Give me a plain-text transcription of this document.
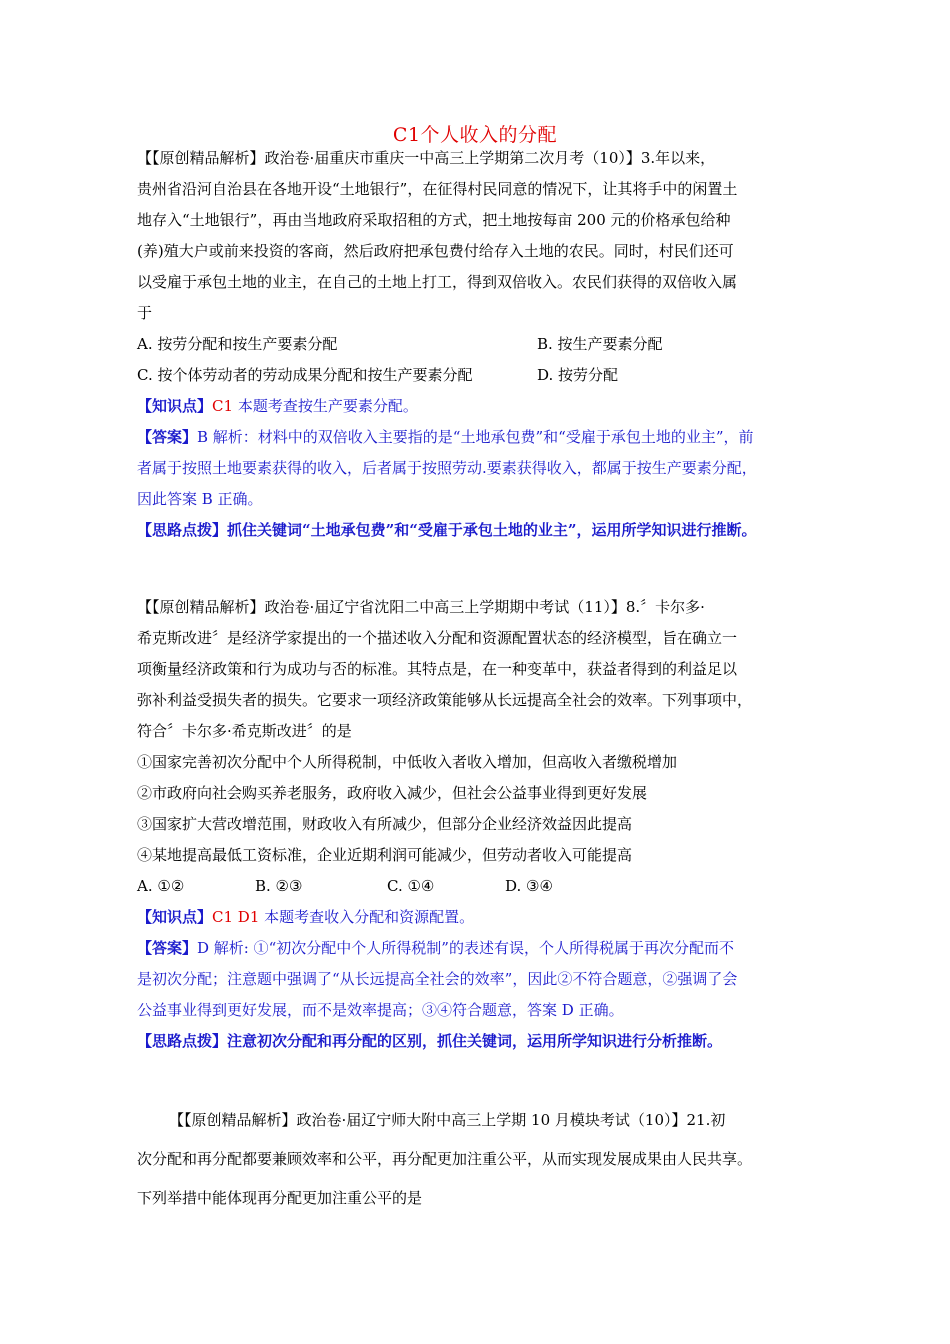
C1个人收入的分配
【【原创精品解析】政治卷·届重庆市重庆一中高三上学期第二次月考（10）】3.年以来，
贵州省沿河自治县在各地开设“土地银行”，在征得村民同意的情况下，让其将手中的闲置土
地存入“土地银行”，再由当地政府采取招租的方式，把土地按每亩 200 元的价格承包给种
(养)殖大户或前来投资的客商，然后政府把承包费付给存入土地的农民。同时，村民们还可
以受雇于承包土地的业主，在自己的土地上打工，得到双倍收入。农民们获得的双倍收入属
于
A. 按劳分配和按生产要素分配	B. 按生产要素分配
C. 按个体劳动者的劳动成果分配和按生产要素分配	D. 按劳分配
【知识点】C1 本题考查按生产要素分配。
【答案】B 解析：材料中的双倍收入主要指的是“土地承包费”和“受雇于承包土地的业主”，前
者属于按照土地要素获得的收入，后者属于按照劳动.要素获得收入，都属于按生产要素分配，
因此答案 B 正确。
【思路点拨】抓住关键词“土地承包费”和“受雇于承包土地的业主”，运用所学知识进行推断。
【【原创精品解析】政治卷·届辽宁省沈阳二中高三上学期期中考试（11）】8.〞卡尔多·
希克斯改进〞是经济学家提出的一个描述收入分配和资源配置状态的经济模型，旨在确立一
项衡量经济政策和行为成功与否的标准。其特点是，在一种变革中，获益者得到的利益足以
弥补利益受损失者的损失。它要求一项经济政策能够从长远提高全社会的效率。下列事项中，
符合〞卡尔多·希克斯改进〞的是
①国家完善初次分配中个人所得税制，中低收入者收入增加，但高收入者缴税增加
②市政府向社会购买养老服务，政府收入减少，但社会公益事业得到更好发展
③国家扩大营改增范围，财政收入有所减少，但部分企业经济效益因此提高
④某地提高最低工资标准，企业近期利润可能减少，但劳动者收入可能提高
A. ①②	B. ②③	C. ①④	D. ③④
【知识点】C1 D1 本题考查收入分配和资源配置。
【答案】D 解析: ①“初次分配中个人所得税制”的表述有误，个人所得税属于再次分配而不
是初次分配；注意题中强调了“从长远提高全社会的效率”，因此②不符合题意，②强调了会
公益事业得到更好发展，而不是效率提高；③④符合题意，答案 D 正确。
【思路点拨】注意初次分配和再分配的区别，抓住关键词，运用所学知识进行分析推断。
【【原创精品解析】政治卷·届辽宁师大附中高三上学期 10 月模块考试（10）】21.初
次分配和再分配都要兼顾效率和公平，再分配更加注重公平，从而实现发展成果由人民共享。
下列举措中能体现再分配更加注重公平的是
